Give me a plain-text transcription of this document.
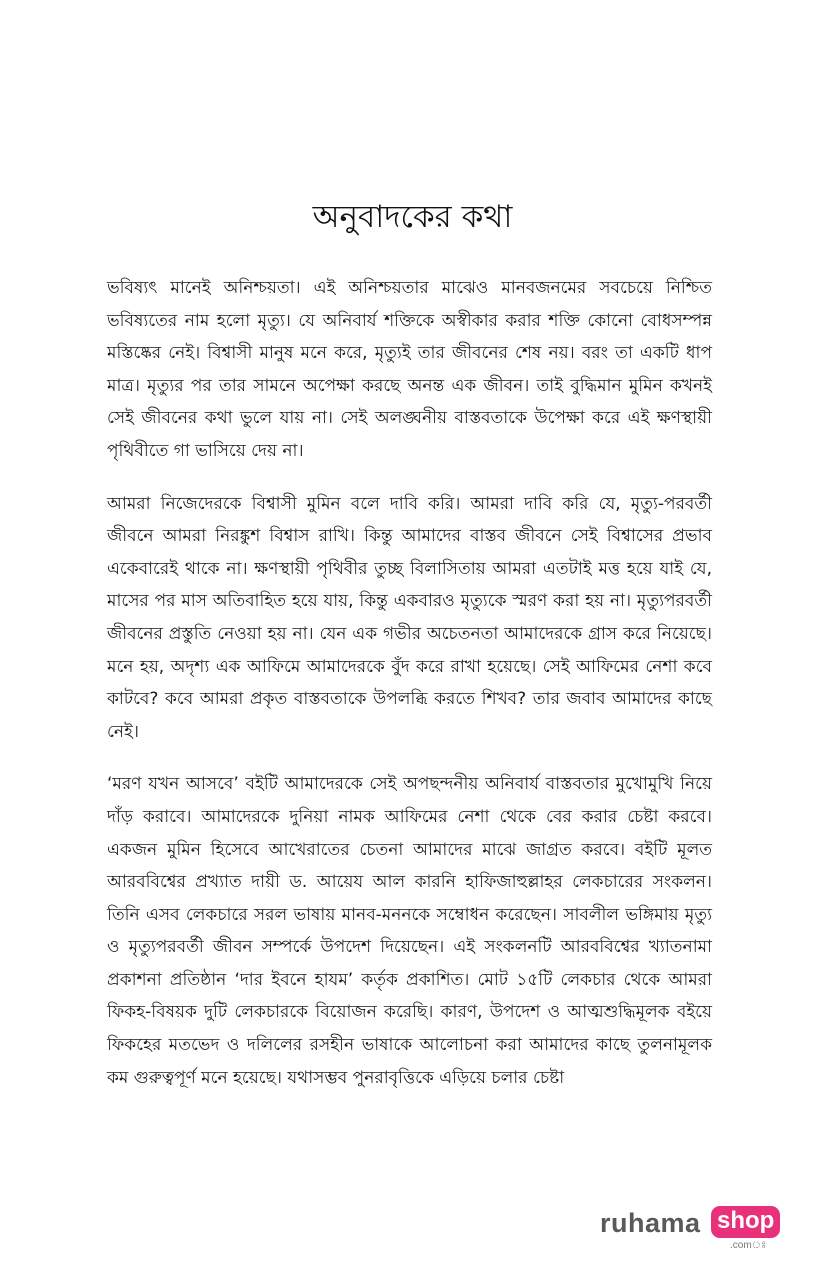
অনুবাদকের কথা

ভবিষ্যৎ মানেই অনিশ্চয়তা। এই অনিশ্চয়তার মাঝেও মানবজনমের সবচেয়ে নিশ্চিত ভবিষ্যতের নাম হলো মৃত্যু। যে অনিবার্য শক্তিকে অস্বীকার করার শক্তি কোনো বোধসম্পন্ন মস্তিষ্কের নেই। বিশ্বাসী মানুষ মনে করে, মৃত্যুই তার জীবনের শেষ নয়। বরং তা একটি ধাপ মাত্র। মৃত্যুর পর তার সামনে অপেক্ষা করছে অনন্ত এক জীবন। তাই বুদ্ধিমান মুমিন কখনই সেই জীবনের কথা ভুলে যায় না। সেই অলঙ্ঘনীয় বাস্তবতাকে উপেক্ষা করে এই ক্ষণস্থায়ী পৃথিবীতে গা ভাসিয়ে দেয় না।

আমরা নিজেদেরকে বিশ্বাসী মুমিন বলে দাবি করি। আমরা দাবি করি যে, মৃত্যু-পরবর্তী জীবনে আমরা নিরঙ্কুশ বিশ্বাস রাখি। কিন্তু আমাদের বাস্তব জীবনে সেই বিশ্বাসের প্রভাব একেবারেই থাকে না। ক্ষণস্থায়ী পৃথিবীর তুচ্ছ বিলাসিতায় আমরা এতটাই মত্ত হয়ে যাই যে, মাসের পর মাস অতিবাহিত হয়ে যায়, কিন্তু একবারও মৃত্যুকে স্মরণ করা হয় না। মৃত্যুপরবর্তী জীবনের প্রস্তুতি নেওয়া হয় না। যেন এক গভীর অচেতনতা আমাদেরকে গ্রাস করে নিয়েছে। মনে হয়, অদৃশ্য এক আফিমে আমাদেরকে বুঁদ করে রাখা হয়েছে। সেই আফিমের নেশা কবে কাটবে? কবে আমরা প্রকৃত বাস্তবতাকে উপলব্ধি করতে শিখব? তার জবাব আমাদের কাছে নেই।

‘মরণ যখন আসবে’ বইটি আমাদেরকে সেই অপছন্দনীয় অনিবার্য বাস্তবতার মুখোমুখি নিয়ে দাঁড় করাবে। আমাদেরকে দুনিয়া নামক আফিমের নেশা থেকে বের করার চেষ্টা করবে। একজন মুমিন হিসেবে আখেরাতের চেতনা আমাদের মাঝে জাগ্রত করবে। বইটি মূলত আরববিশ্বের প্রখ্যাত দায়ী ড. আয়েয আল কারনি হাফিজাহুল্লাহর লেকচারের সংকলন। তিনি এসব লেকচারে সরল ভাষায় মানব-মননকে সম্বোধন করেছেন। সাবলীল ভঙ্গিমায় মৃত্যু ও মৃত্যুপরবর্তী জীবন সম্পর্কে উপদেশ দিয়েছেন। এই সংকলনটি আরববিশ্বের খ্যাতনামা প্রকাশনা প্রতিষ্ঠান ‘দার ইবনে হাযম’ কর্তৃক প্রকাশিত। মোট ১৫টি লেকচার থেকে আমরা ফিকহ-বিষয়ক দুটি লেকচারকে বিয়োজন করেছি। কারণ, উপদেশ ও আত্মশুদ্ধিমূলক বইয়ে ফিকহের মতভেদ ও দলিলের রসহীন ভাষাকে আলোচনা করা আমাদের কাছে তুলনামূলক কম গুরুত্বপূর্ণ মনে হয়েছে। যথাসম্ভব পুনরাবৃত্তিকে এড়িয়ে চলার চেষ্টা

ruhama shop
.comঃ
